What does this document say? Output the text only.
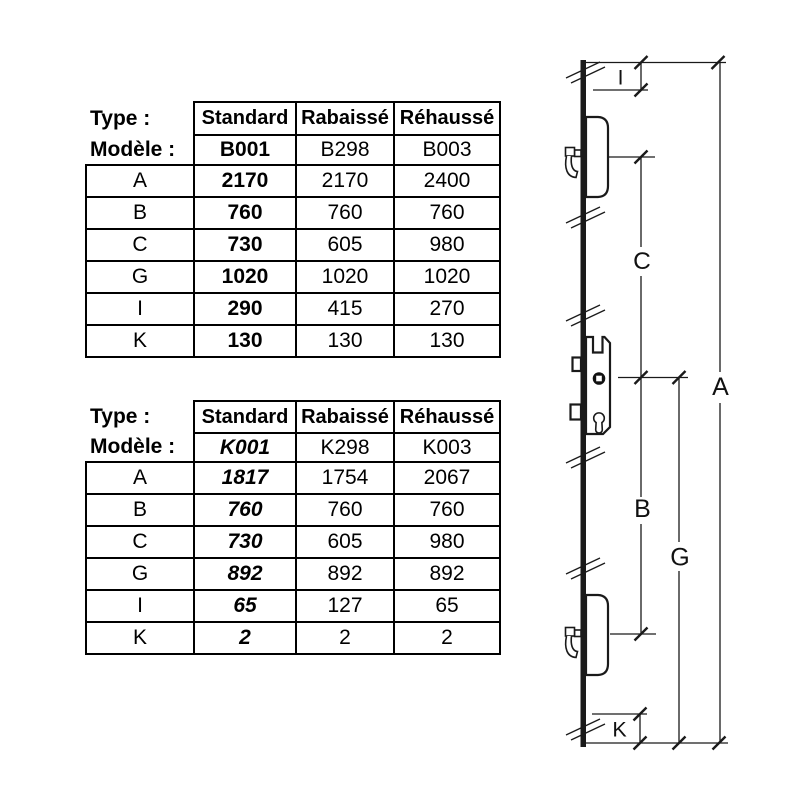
Type :	Standard	Rabaissé	Réhaussé
Modèle :	B001	B298	B003
A	2170	2170	2400
B	760	760	760
C	730	605	980
G	1020	1020	1020
I	290	415	270
K	130	130	130
Type :	Standard	Rabaissé	Réhaussé
Modèle :	K001	K298	K003
A	1817	1754	2067
B	760	760	760
C	730	605	980
G	892	892	892
I	65	127	65
K	2	2	2
I
C
B
G
A
K
